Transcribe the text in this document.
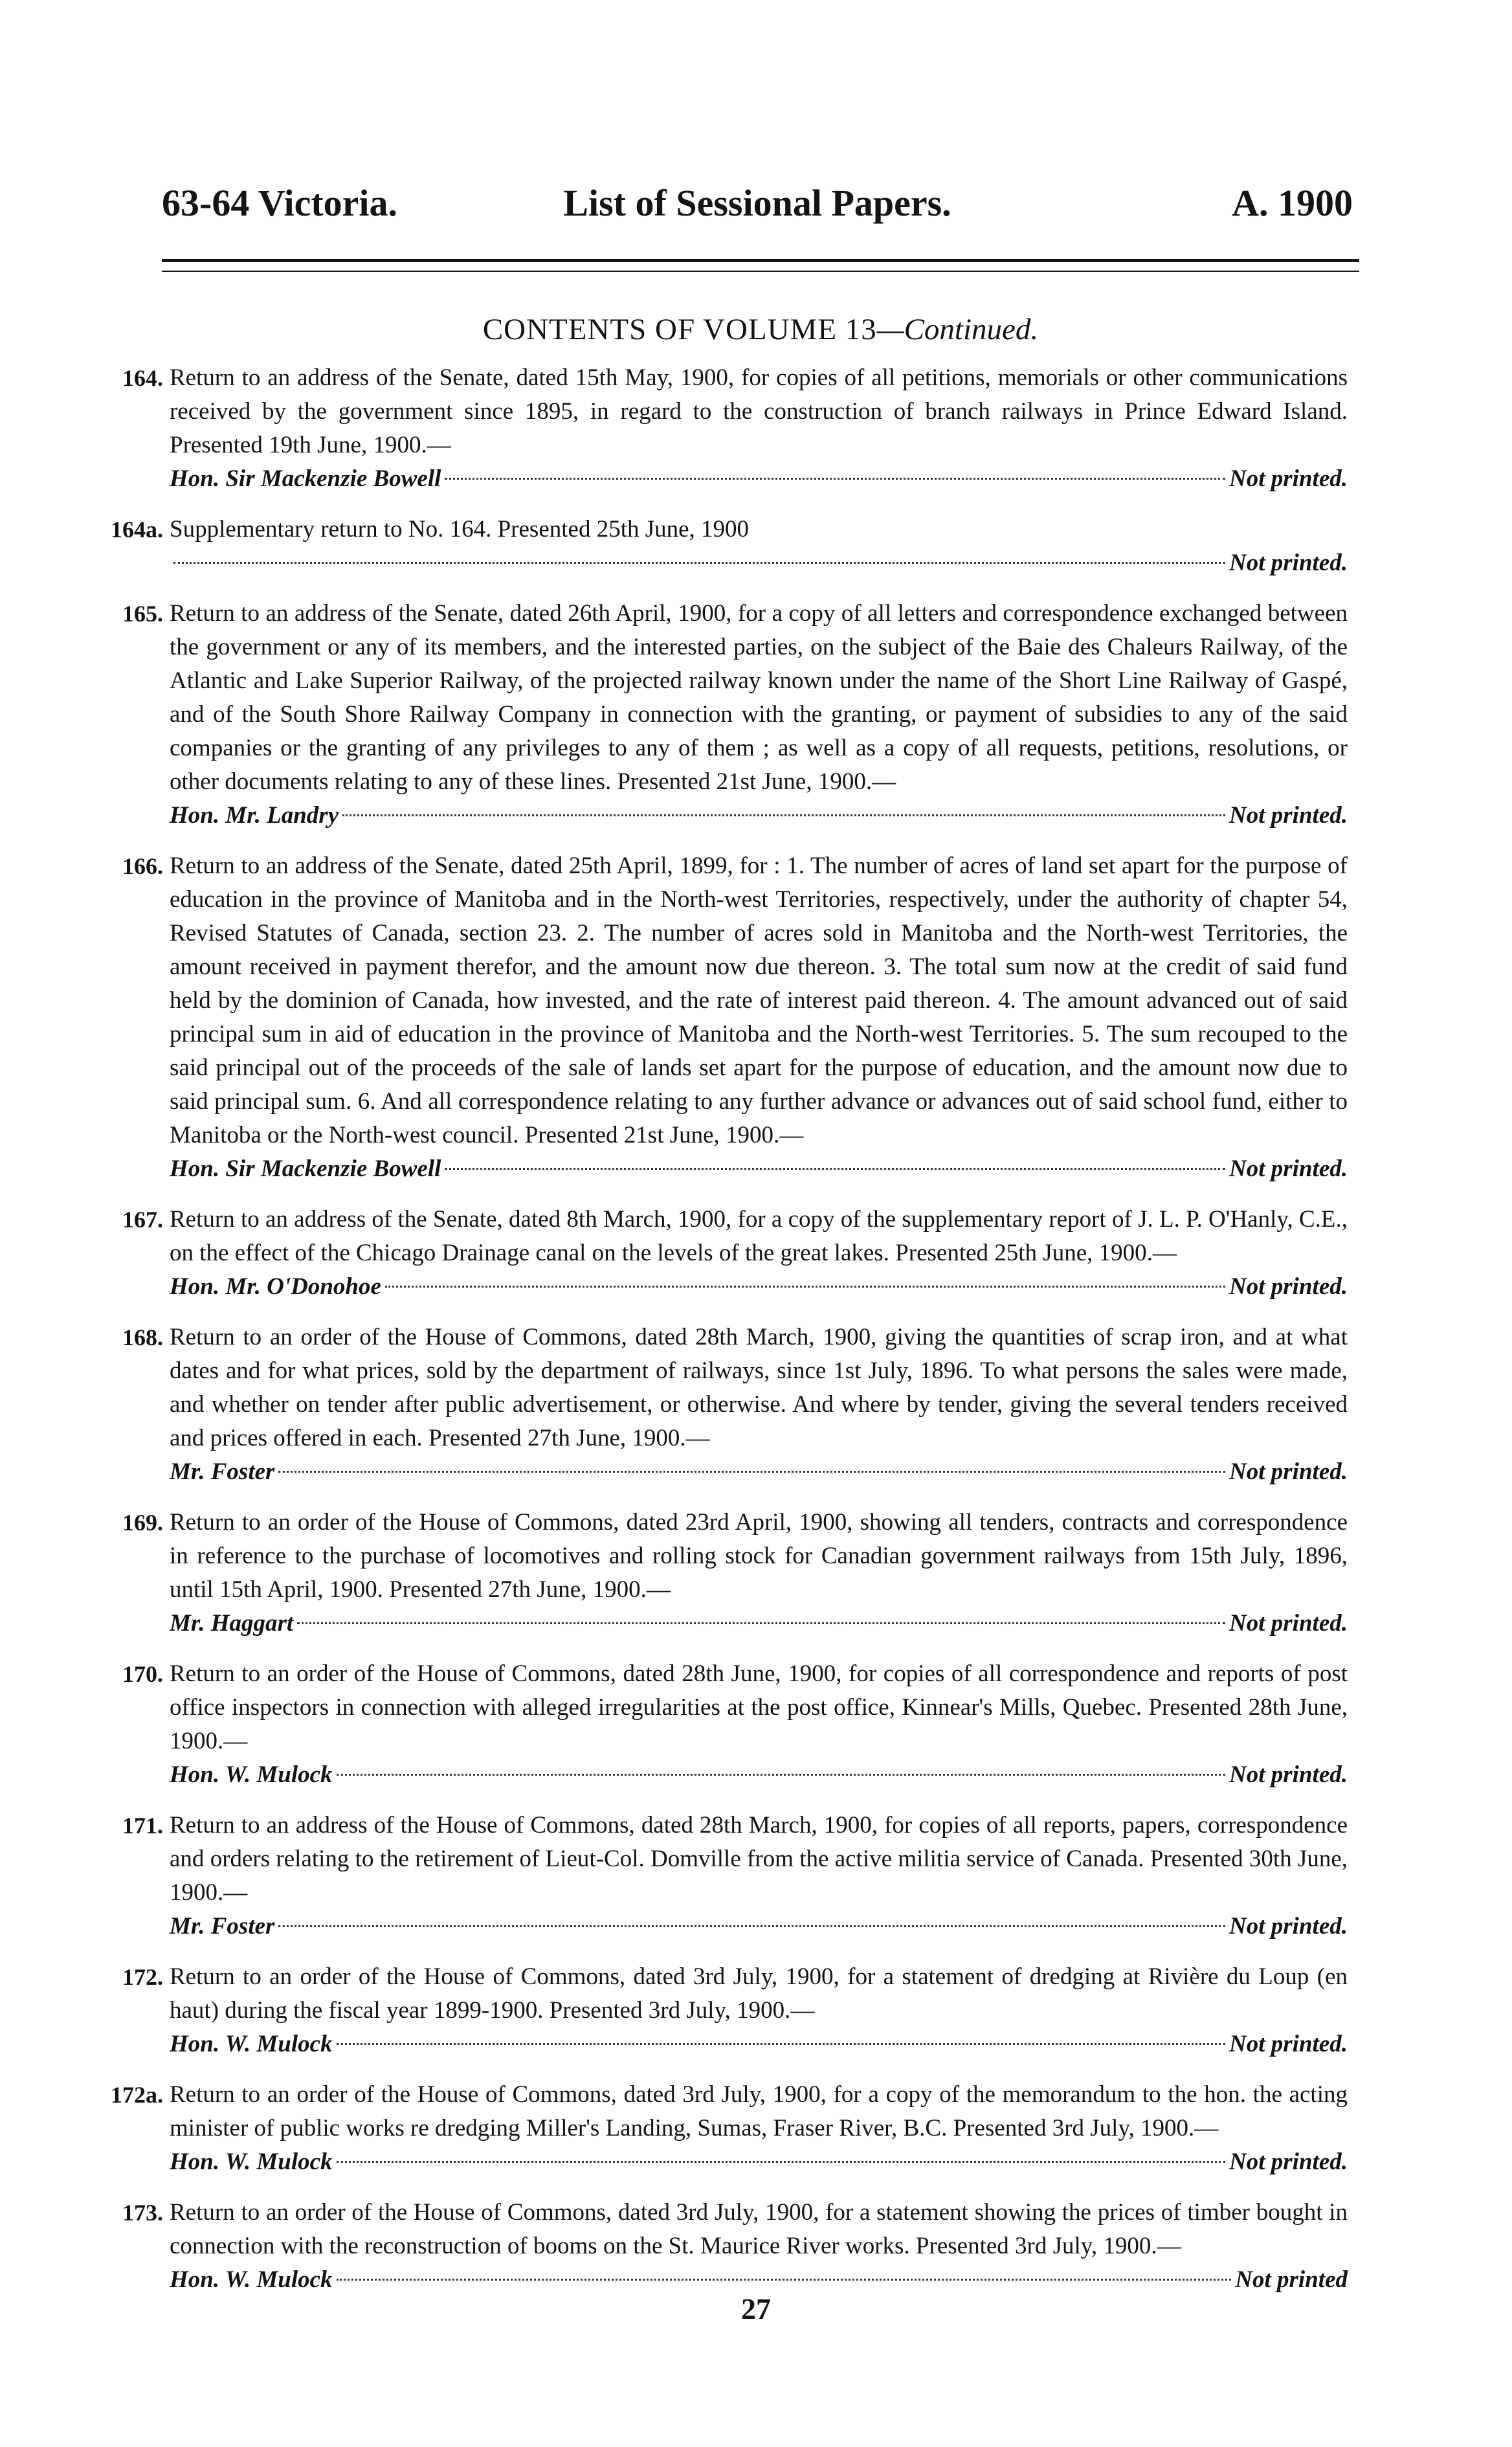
63-64 Victoria.	List of Sessional Papers.	A. 1900
CONTENTS OF VOLUME 13—Continued.
164. Return to an address of the Senate, dated 15th May, 1900, for copies of all petitions, memorials or other communications received by the government since 1895, in regard to the construction of branch railways in Prince Edward Island. Presented 19th June, 1900.—
Hon. Sir Mackenzie Bowell	Not printed.
164a. Supplementary return to No. 164. Presented 25th June, 1900
Not printed.
165. Return to an address of the Senate, dated 26th April, 1900, for a copy of all letters and correspondence exchanged between the government or any of its members, and the interested parties, on the subject of the Baie des Chaleurs Railway, of the Atlantic and Lake Superior Railway, of the projected railway known under the name of the Short Line Railway of Gaspé, and of the South Shore Railway Company in connection with the granting, or payment of subsidies to any of the said companies or the granting of any privileges to any of them ; as well as a copy of all requests, petitions, resolutions, or other documents relating to any of these lines. Presented 21st June, 1900.—
Hon. Mr. Landry	Not printed.
166. Return to an address of the Senate, dated 25th April, 1899, for : 1. The number of acres of land set apart for the purpose of education in the province of Manitoba and in the North-west Territories, respectively, under the authority of chapter 54, Revised Statutes of Canada, section 23. 2. The number of acres sold in Manitoba and the North-west Territories, the amount received in payment therefor, and the amount now due thereon. 3. The total sum now at the credit of said fund held by the dominion of Canada, how invested, and the rate of interest paid thereon. 4. The amount advanced out of said principal sum in aid of education in the province of Manitoba and the North-west Territories. 5. The sum recouped to the said principal out of the proceeds of the sale of lands set apart for the purpose of education, and the amount now due to said principal sum. 6. And all correspondence relating to any further advance or advances out of said school fund, either to Manitoba or the North-west council. Presented 21st June, 1900.—
Hon. Sir Mackenzie Bowell	Not printed.
167. Return to an address of the Senate, dated 8th March, 1900, for a copy of the supplementary report of J. L. P. O'Hanly, C.E., on the effect of the Chicago Drainage canal on the levels of the great lakes. Presented 25th June, 1900.—
Hon. Mr. O'Donohoe	Not printed.
168. Return to an order of the House of Commons, dated 28th March, 1900, giving the quantities of scrap iron, and at what dates and for what prices, sold by the department of railways, since 1st July, 1896. To what persons the sales were made, and whether on tender after public advertisement, or otherwise. And where by tender, giving the several tenders received and prices offered in each. Presented 27th June, 1900.—
Mr. Foster	Not printed.
169. Return to an order of the House of Commons, dated 23rd April, 1900, showing all tenders, contracts and correspondence in reference to the purchase of locomotives and rolling stock for Canadian government railways from 15th July, 1896, until 15th April, 1900. Presented 27th June, 1900.—
Mr. Haggart	Not printed.
170. Return to an order of the House of Commons, dated 28th June, 1900, for copies of all correspondence and reports of post office inspectors in connection with alleged irregularities at the post office, Kinnear's Mills, Quebec. Presented 28th June, 1900.—
Hon. W. Mulock	Not printed.
171. Return to an address of the House of Commons, dated 28th March, 1900, for copies of all reports, papers, correspondence and orders relating to the retirement of Lieut-Col. Domville from the active militia service of Canada. Presented 30th June, 1900.—
Mr. Foster	Not printed.
172. Return to an order of the House of Commons, dated 3rd July, 1900, for a statement of dredging at Rivière du Loup (en haut) during the fiscal year 1899-1900. Presented 3rd July, 1900.—
Hon. W. Mulock	Not printed.
172a. Return to an order of the House of Commons, dated 3rd July, 1900, for a copy of the memorandum to the hon. the acting minister of public works re dredging Miller's Landing, Sumas, Fraser River, B.C. Presented 3rd July, 1900.—
Hon. W. Mulock	Not printed.
173. Return to an order of the House of Commons, dated 3rd July, 1900, for a statement showing the prices of timber bought in connection with the reconstruction of booms on the St. Maurice River works. Presented 3rd July, 1900.—
Hon. W. Mulock	Not printed
27
